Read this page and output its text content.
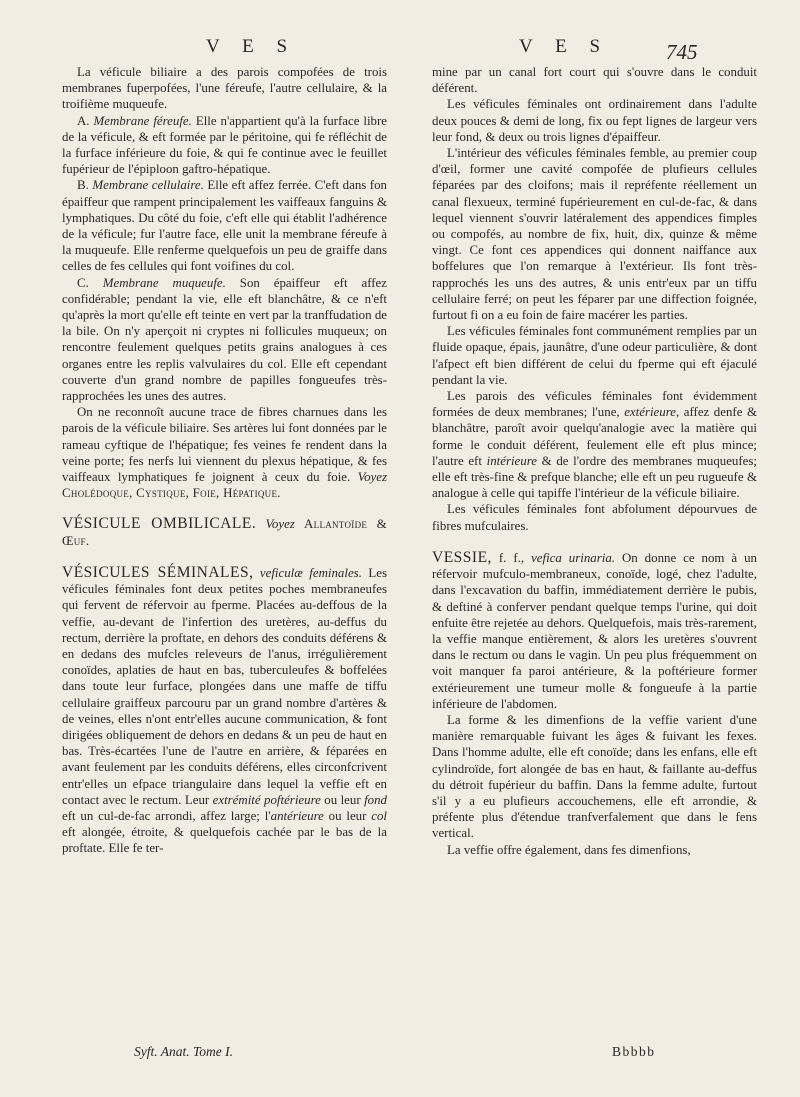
V E S	V E S	745

La véficule biliaire a des parois compofées de trois membranes fuperpofées, l'une féreufe, l'autre cellulaire, & la troifième muqueufe.

A. Membrane féreufe. Elle n'appartient qu'à la furface libre de la véficule, & eft formée par le péritoine, qui fe réfléchit de la furface inférieure du foie, & qui fe continue avec le feuillet fupérieur de l'épiploon gaftro-hépatique.

B. Membrane cellulaire. Elle eft affez ferrée. C'eft dans fon épaiffeur que rampent principalement les vaiffeaux fanguins & lymphatiques. Du côté du foie, c'eft elle qui établit l'adhérence de la véficule; fur l'autre face, elle unit la membrane féreufe à la muqueufe. Elle renferme quelquefois un peu de graiffe dans celles de fes cellules qui font voifines du col.

C. Membrane muqueufe. Son épaiffeur eft affez confidérable; pendant la vie, elle eft blanchâtre, & ce n'eft qu'après la mort qu'elle eft teinte en vert par la tranffudation de la bile. On n'y aperçoit ni cryptes ni follicules muqueux; on rencontre feulement quelques petits grains analogues à ces organes entre les replis valvulaires du col. Elle eft cependant couverte d'un grand nombre de papilles fongueufes très-rapprochées les unes des autres.

On ne reconnoît aucune trace de fibres charnues dans les parois de la véficule biliaire. Ses artères lui font données par le rameau cyftique de l'hépatique; fes veines fe rendent dans la veine porte; fes nerfs lui viennent du plexus hépatique, & fes vaiffeaux lymphatiques fe joignent à ceux du foie. Voyez Cholédoque, Cystique, Foie, Hépatique.

VÉSICULE OMBILICALE. Voyez Allantoïde & Œuf.

VÉSICULES SÉMINALES, veficulæ feminales. Les véficules féminales font deux petites poches membraneufes qui fervent de réfervoir au fperme. Placées au-deffous de la veffie, au-devant de l'infertion des uretères, au-deffus du rectum, derrière la proftate, en dehors des conduits déférens & en dedans des mufcles releveurs de l'anus, irrégulièrement conoïdes, aplaties de haut en bas, tuberculeufes & boffelées dans toute leur furface, plongées dans une maffe de tiffu cellulaire graiffeux parcouru par un grand nombre d'artères & de veines, elles n'ont entr'elles aucune communication, & font dirigées obliquement de dehors en dedans & un peu de haut en bas. Très-écartées l'une de l'autre en arrière, & féparées en avant feulement par les conduits déférens, elles circonfcrivent entr'elles un efpace triangulaire dans lequel la veffie eft en contact avec le rectum. Leur extrémité poftérieure ou leur fond eft un cul-de-fac arrondi, affez large; l'antérieure ou leur col eft alongée, étroite, & quelquefois cachée par le bas de la proftate. Elle fe ter-

mine par un canal fort court qui s'ouvre dans le conduit déférent.

Les véficules féminales ont ordinairement dans l'adulte deux pouces & demi de long, fix ou fept lignes de largeur vers leur fond, & deux ou trois lignes d'épaiffeur.

L'intérieur des véficules féminales femble, au premier coup d'œil, former une cavité compofée de plufieurs cellules féparées par des cloifons; mais il repréfente réellement un canal flexueux, terminé fupérieurement en cul-de-fac, & dans lequel viennent s'ouvrir latéralement des appendices fimples ou compofés, au nombre de fix, huit, dix, quinze & même vingt. Ce font ces appendices qui donnent naiffance aux boffelures que l'on remarque à l'extérieur. Ils font très-rapprochés les uns des autres, & unis entr'eux par un tiffu cellulaire ferré; on peut les féparer par une diffection foignée, furtout fi on a eu foin de faire macérer les parties.

Les véficules féminales font communément remplies par un fluide opaque, épais, jaunâtre, d'une odeur particulière, & dont l'afpect eft bien différent de celui du fperme qui eft éjaculé pendant la vie.

Les parois des véficules féminales font évidemment formées de deux membranes; l'une, extérieure, affez denfe & blanchâtre, paroît avoir quelqu'analogie avec la matière qui forme le conduit déférent, feulement elle eft plus mince; l'autre eft intérieure & de l'ordre des membranes muqueufes; elle eft très-fine & prefque blanche; elle eft un peu rugueufe & analogue à celle qui tapiffe l'intérieur de la véficule biliaire.

Les véficules féminales font abfolument dépourvues de fibres mufculaires.

VESSIE, f. f., vefica urinaria. On donne ce nom à un réfervoir mufculo-membraneux, conoïde, logé, chez l'adulte, dans l'excavation du baffin, immédiatement derrière le pubis, & deftiné à conferver pendant quelque temps l'urine, qui doit enfuite être rejetée au dehors. Quelquefois, mais très-rarement, la veffie manque entièrement, & alors les uretères s'ouvrent dans le rectum ou dans le vagin. Un peu plus fréquemment on voit manquer fa paroi antérieure, & la poftérieure former extérieurement une tumeur molle & fongueufe à la partie inférieure de l'abdomen.

La forme & les dimenfions de la veffie varient d'une manière remarquable fuivant les âges & fuivant les fexes. Dans l'homme adulte, elle eft conoïde; dans les enfans, elle eft cylindroïde, fort alongée de bas en haut, & faillante au-deffus du détroit fupérieur du baffin. Dans la femme adulte, furtout s'il y a eu plufieurs accouchemens, elle eft arrondie, & préfente plus d'étendue tranfverfalement que dans le fens vertical.

La veffie offre également, dans fes dimenfions,

Syft. Anat. Tome I.	Bbbbb
